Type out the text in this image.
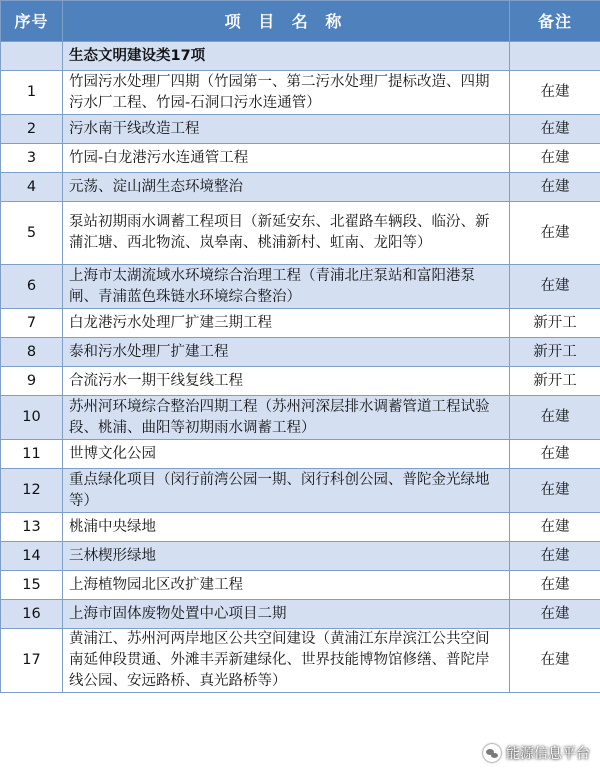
序号	项 目 名 称	备注
	生态文明建设类17项	
1	竹园污水处理厂四期（竹园第一、第二污水处理厂提标改造、四期污水厂工程、竹园-石洞口污水连通管）	在建
2	污水南干线改造工程	在建
3	竹园-白龙港污水连通管工程	在建
4	元荡、淀山湖生态环境整治	在建
5	泵站初期雨水调蓄工程项目（新延安东、北翟路车辆段、临汾、新蒲汇塘、西北物流、岚皋南、桃浦新村、虹南、龙阳等）	在建
6	上海市太湖流域水环境综合治理工程（青浦北庄泵站和富阳港泵闸、青浦蓝色珠链水环境综合整治）	在建
7	白龙港污水处理厂扩建三期工程	新开工
8	泰和污水处理厂扩建工程	新开工
9	合流污水一期干线复线工程	新开工
10	苏州河环境综合整治四期工程（苏州河深层排水调蓄管道工程试验段、桃浦、曲阳等初期雨水调蓄工程）	在建
11	世博文化公园	在建
12	重点绿化项目（闵行前湾公园一期、闵行科创公园、普陀金光绿地等）	在建
13	桃浦中央绿地	在建
14	三林楔形绿地	在建
15	上海植物园北区改扩建工程	在建
16	上海市固体废物处置中心项目二期	在建
17	黄浦江、苏州河两岸地区公共空间建设（黄浦江东岸滨江公共空间南延伸段贯通、外滩丰弄新建绿化、世界技能博物馆修缮、普陀岸线公园、安远路桥、真光路桥等）	在建
能源信息平台
